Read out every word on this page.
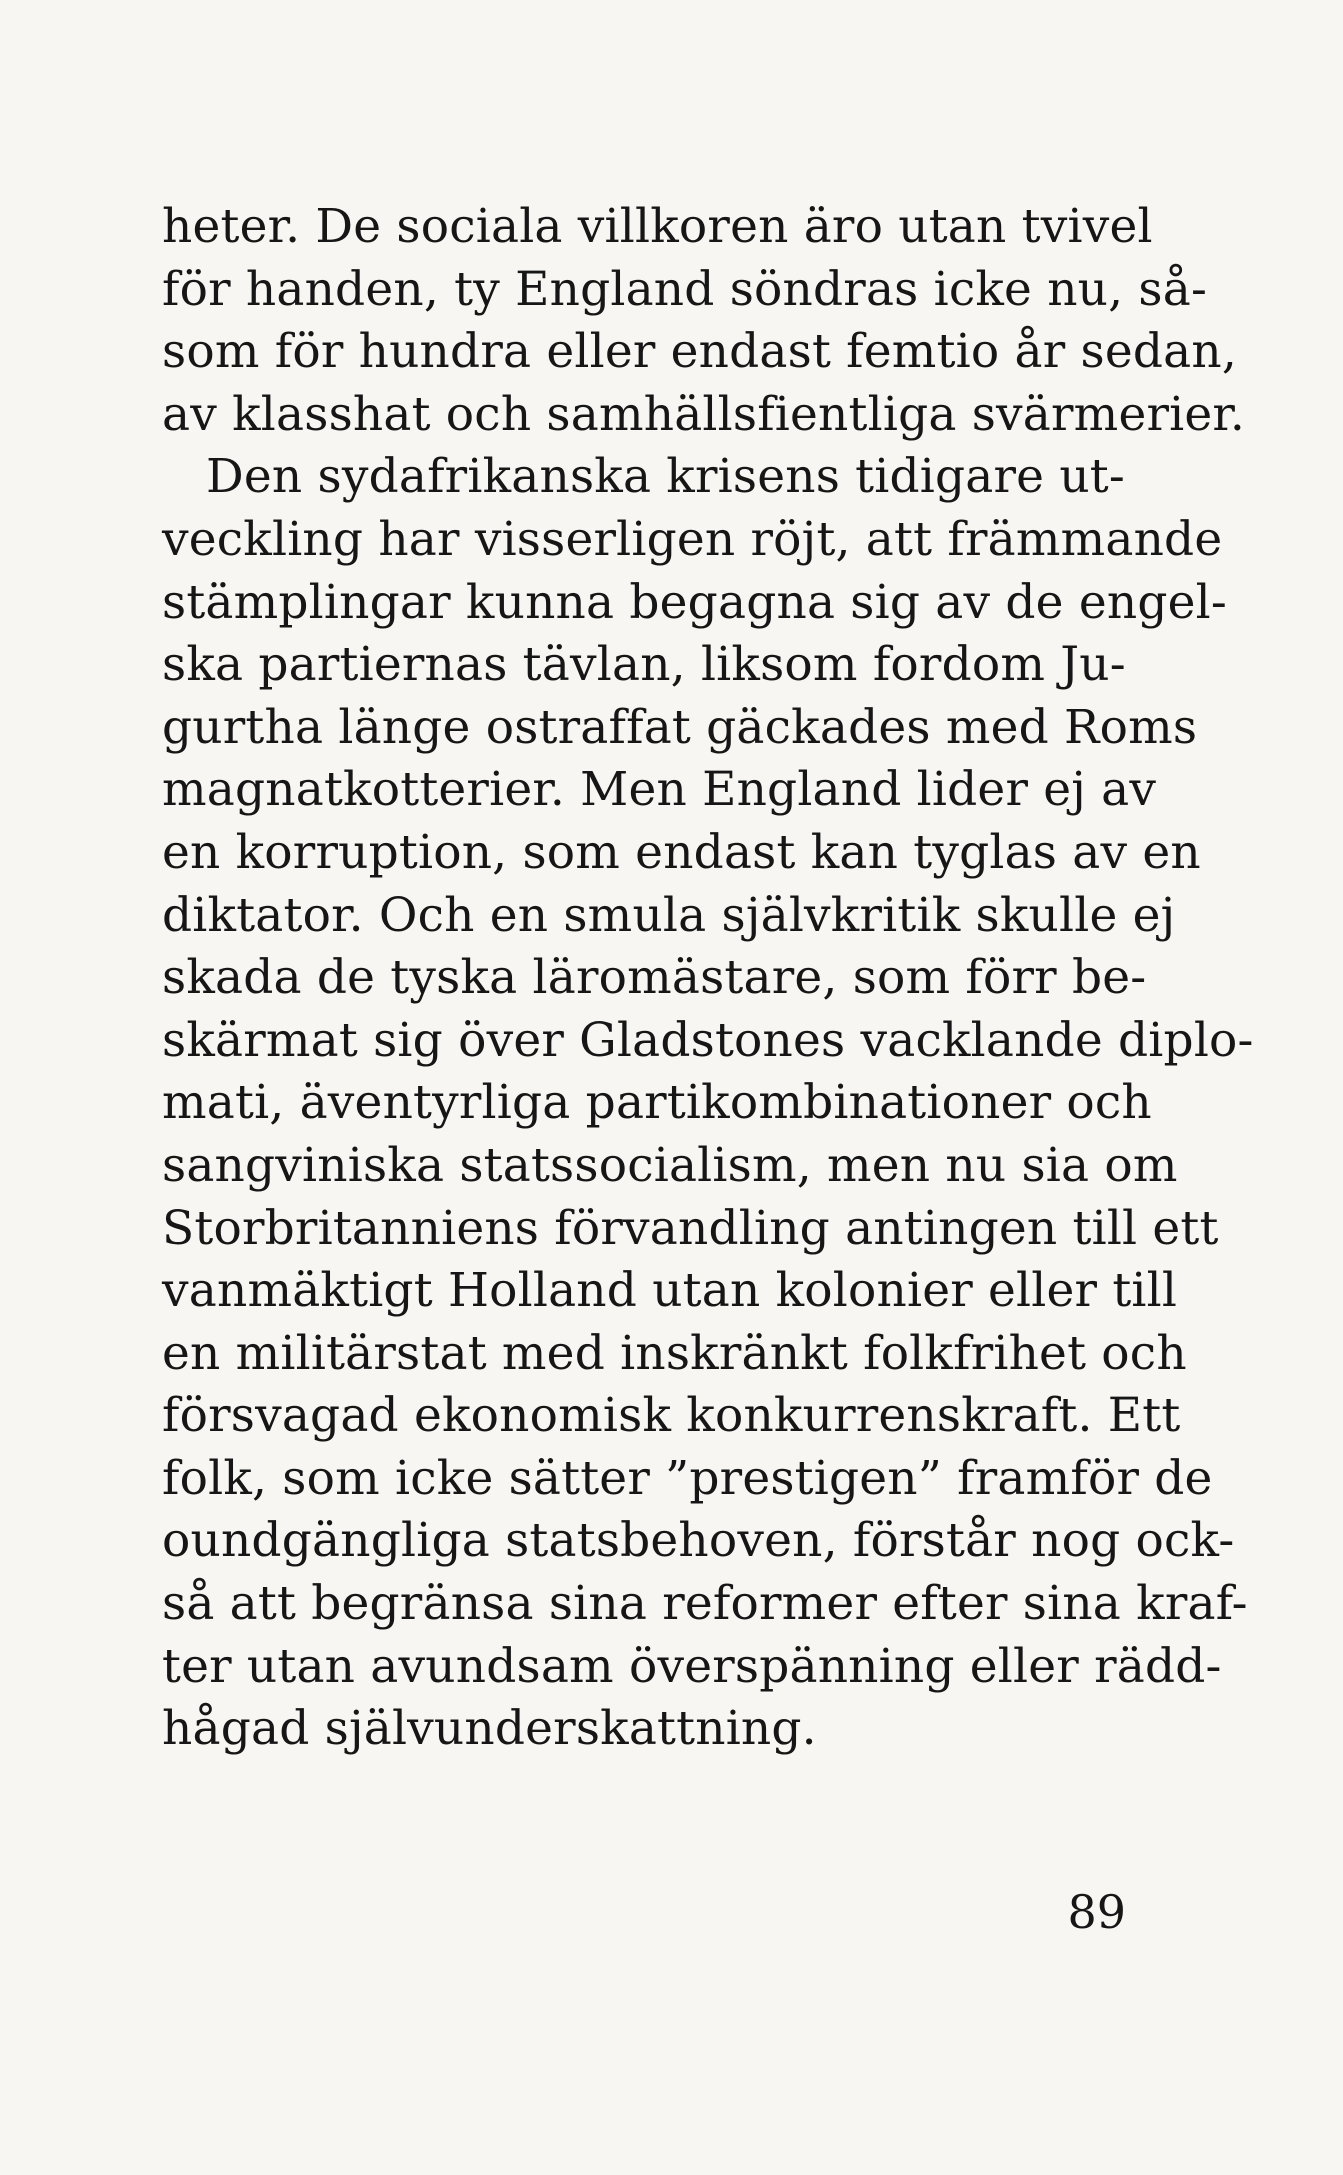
heter. De sociala villkoren äro utan tvivel
för handen, ty England söndras icke nu, så-
som för hundra eller endast femtio år sedan,
av klasshat och samhällsfientliga svärmerier.
Den sydafrikanska krisens tidigare ut-
veckling har visserligen röjt, att främmande
stämplingar kunna begagna sig av de engel-
ska partiernas tävlan, liksom fordom Ju-
gurtha länge ostraffat gäckades med Roms
magnatkotterier. Men England lider ej av
en korruption, som endast kan tyglas av en
diktator. Och en smula självkritik skulle ej
skada de tyska läromästare, som förr be-
skärmat sig över Gladstones vacklande diplo-
mati, äventyrliga partikombinationer och
sangviniska statssocialism, men nu sia om
Storbritanniens förvandling antingen till ett
vanmäktigt Holland utan kolonier eller till
en militärstat med inskränkt folkfrihet och
försvagad ekonomisk konkurrenskraft. Ett
folk, som icke sätter ”prestigen” framför de
oundgängliga statsbehoven, förstår nog ock-
så att begränsa sina reformer efter sina kraf-
ter utan avundsam överspänning eller rädd-
hågad självunderskattning.
89
